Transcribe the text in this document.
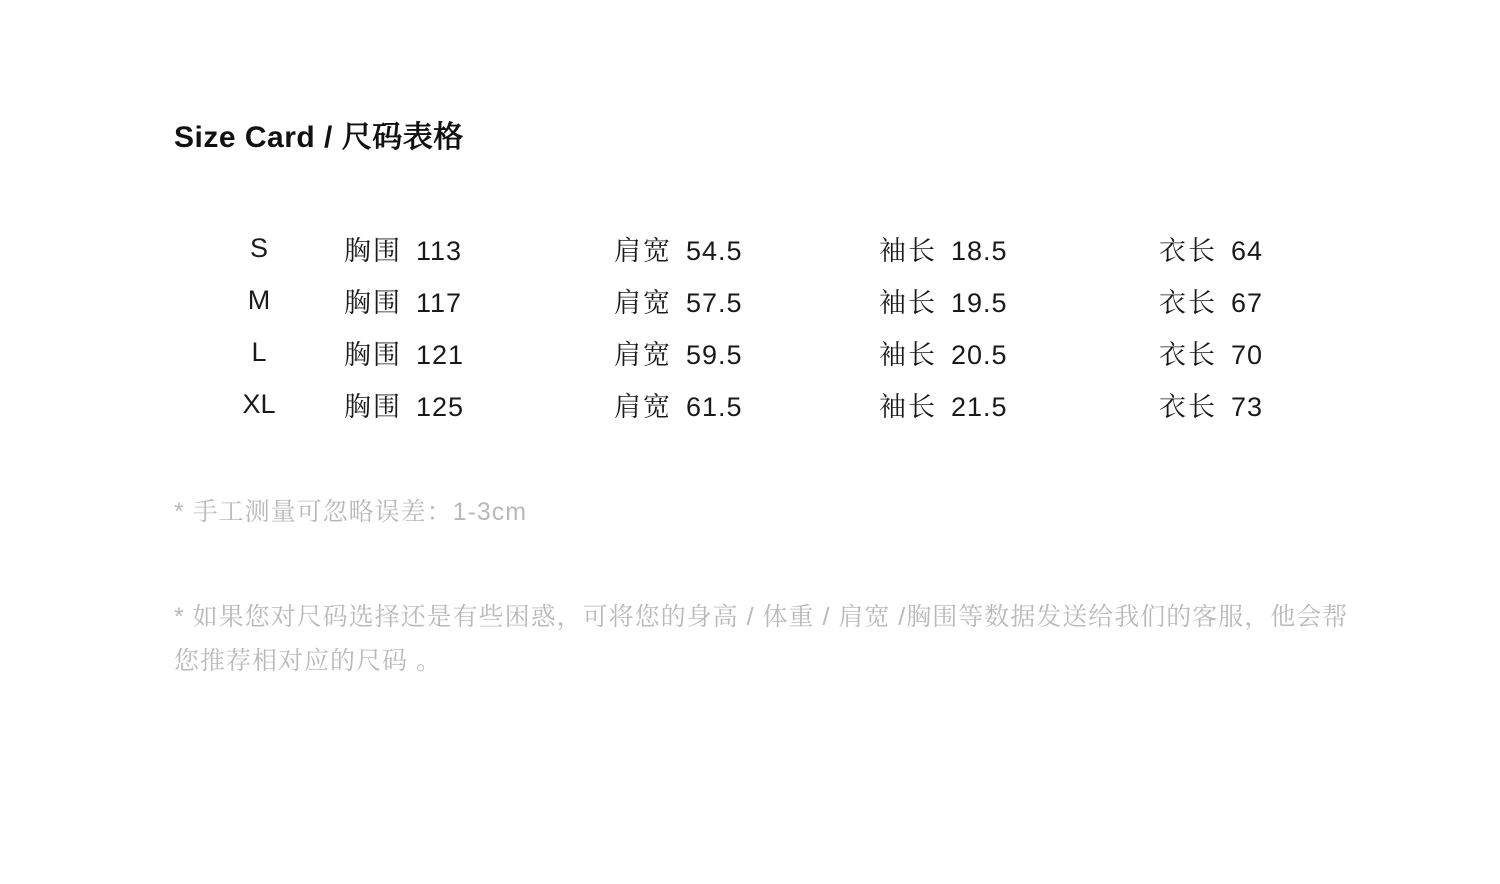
Size Card / 尺码表格
S	胸围 113	肩宽 54.5	袖长 18.5	衣长 64
M	胸围 117	肩宽 57.5	袖长 19.5	衣长 67
L	胸围 121	肩宽 59.5	袖长 20.5	衣长 70
XL	胸围 125	肩宽 61.5	袖长 21.5	衣长 73
* 手工测量可忽略误差：1-3cm
* 如果您对尺码选择还是有些困惑，可将您的身高 / 体重 / 肩宽 /胸围等数据发送给我们的客服，他会帮您推荐相对应的尺码 。
